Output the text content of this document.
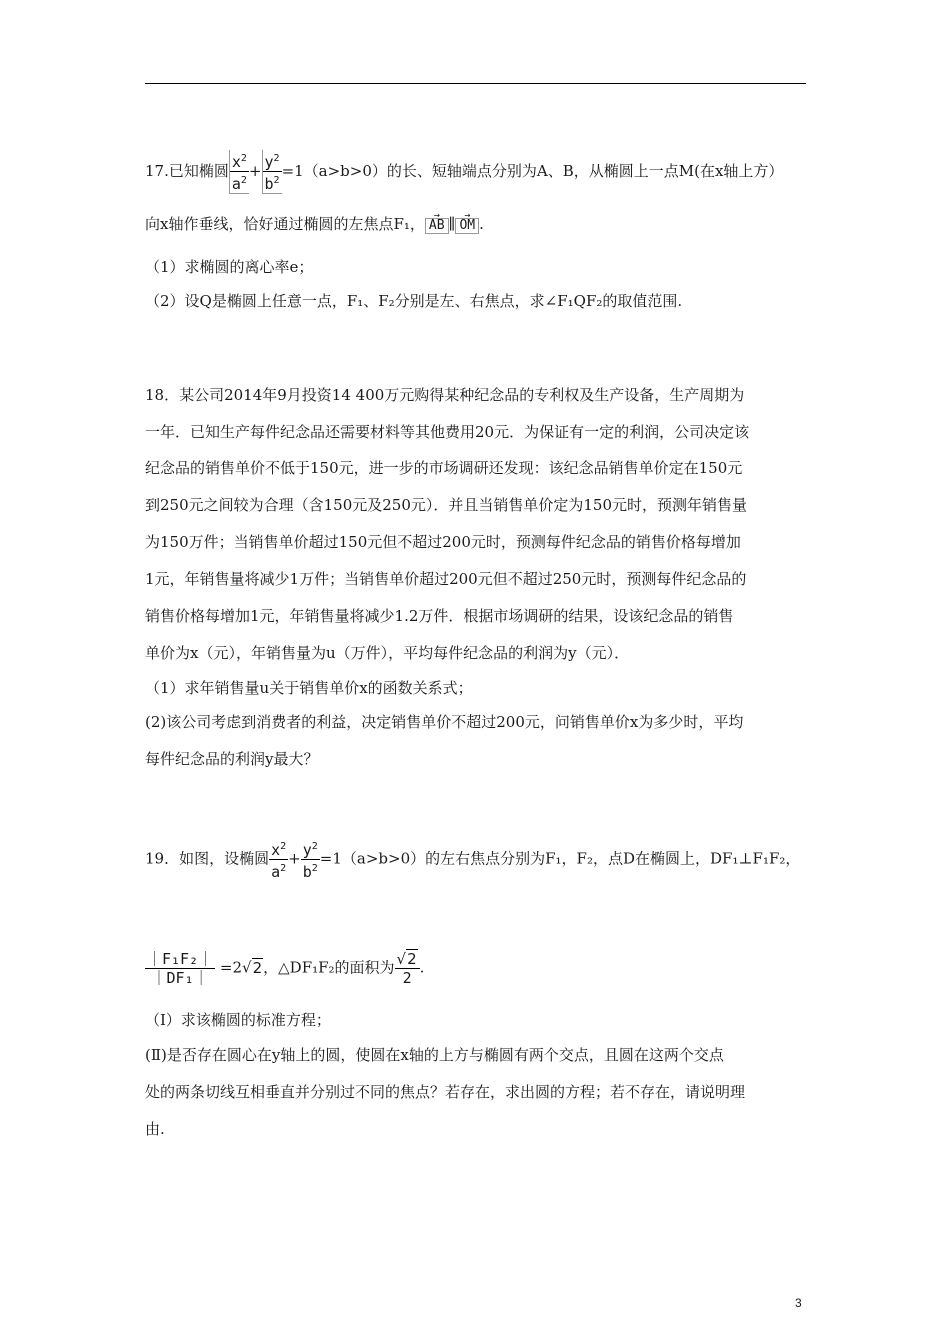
17.已知椭圆 $\frac{x^2}{a^2} + \frac{y^2}{b^2} =1(a>b>0)$的长、短轴端点分别为A、B，从椭圆上一点M(在x轴上方）
向x轴作垂线，恰好通过椭圆的左焦点F₁， → AB ∥ → OM .
（1）求椭圆的离心率e；
（2）设Q是椭圆上任意一点，F₁、F₂分别是左、右焦点，求∠F₁QF₂的取值范围.
18．某公司2014年9月投资14 400万元购得某种纪念品的专利权及生产设备，生产周期为
一年．已知生产每件纪念品还需要材料等其他费用20元．为保证有一定的利润，公司决定该
纪念品的销售单价不低于150元，进一步的市场调研还发现：该纪念品销售单价定在150元
到250元之间较为合理（含150元及250元）．并且当销售单价定为150元时，预测年销售量
为150万件；当销售单价超过150元但不超过200元时，预测每件纪念品的销售价格每增加
1元，年销售量将减少1万件；当销售单价超过200元但不超过250元时，预测每件纪念品的
销售价格每增加1元，年销售量将减少1.2万件．根据市场调研的结果，设该纪念品的销售
单价为x（元），年销售量为u（万件），平均每件纪念品的利润为y（元）．
（1）求年销售量u关于销售单价x的函数关系式；
(2)该公司考虑到消费者的利益，决定销售单价不超过200元，问销售单价x为多少时，平均
每件纪念品的利润y最大？
19．如图，设椭圆 $\frac{x^2}{a^2} + \frac{y^2}{b^2} =1(a>b>0)$的左右焦点分别为F₁，F₂，点D在椭圆上，DF₁⊥F₁F₂，
$\frac{\text{｜F₁F₂｜}}{\text{｜DF₁｜}} =2√2$，△DF₁F₂的面积为 $\frac{√2}{2}$ .
（Ⅰ）求该椭圆的标准方程；
(Ⅱ)是否存在圆心在y轴上的圆，使圆在x轴的上方与椭圆有两个交点，且圆在这两个交点
处的两条切线互相垂直并分别过不同的焦点？若存在，求出圆的方程；若不存在，请说明理
由.
3
